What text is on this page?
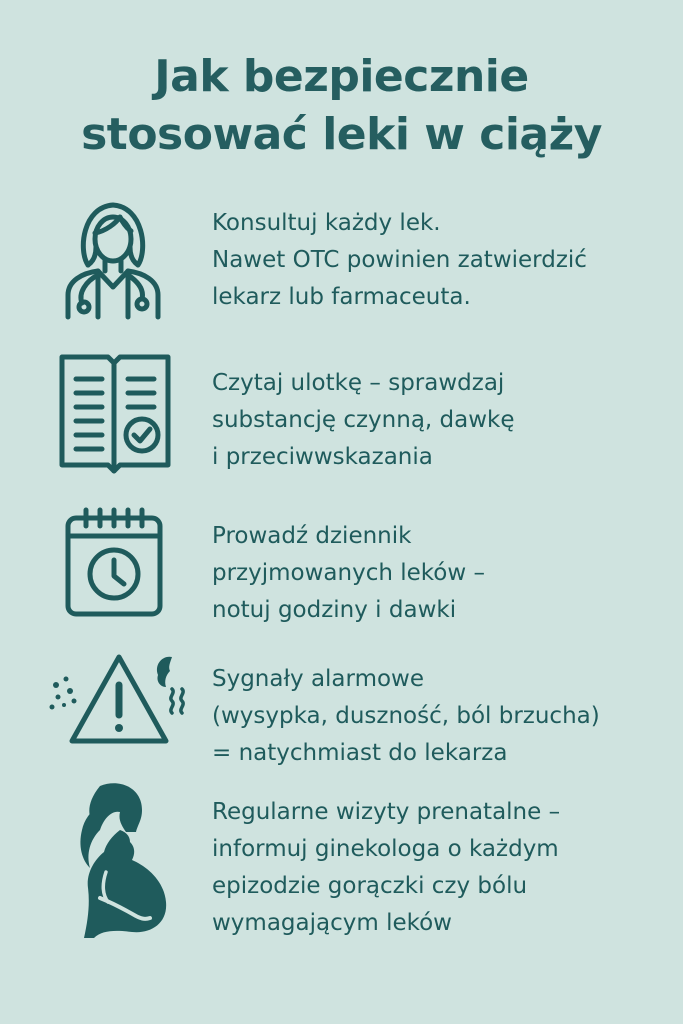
Jak bezpiecznie
stosować leki w ciąży
Konsultuj każdy lek.
Nawet OTC powinien zatwierdzić
lekarz lub farmaceuta.
Czytaj ulotkę – sprawdzaj
substancję czynną, dawkę
i przeciwwskazania
Prowadź dziennik
przyjmowanych leków –
notuj godziny i dawki
Sygnały alarmowe
(wysypka, duszność, ból brzucha)
= natychmiast do lekarza
Regularne wizyty prenatalne –
informuj ginekologa o każdym
epizodzie gorączki czy bólu
wymagającym leków
